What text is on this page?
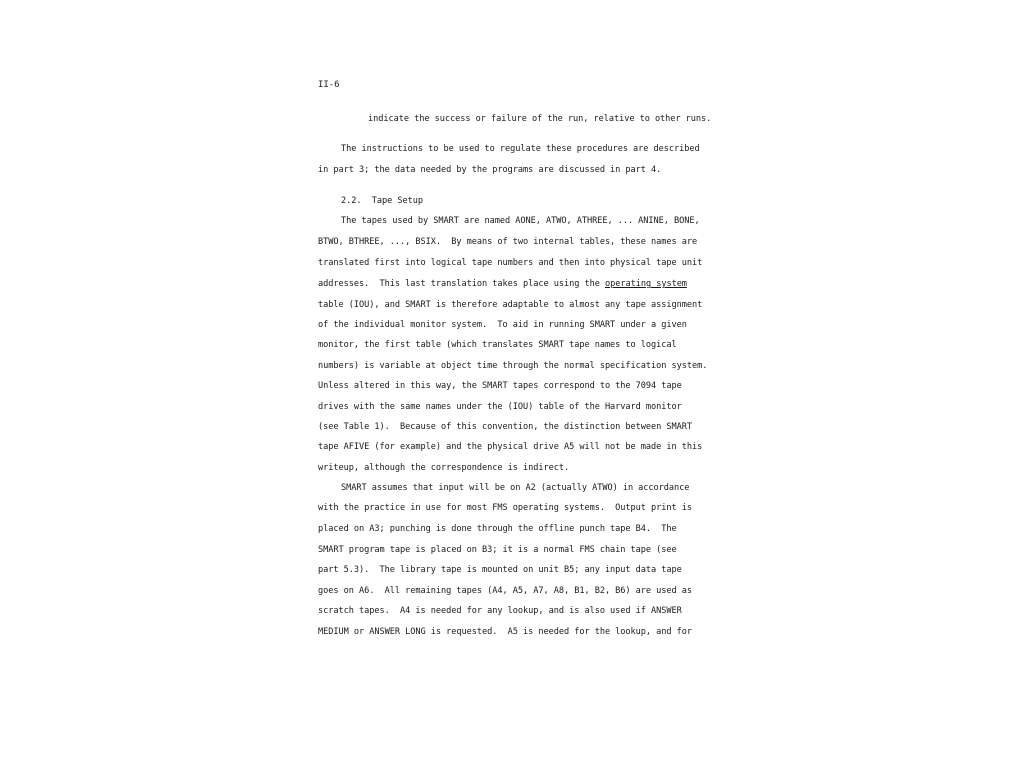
II-6
indicate the success or failure of the run, relative to other runs.
The instructions to be used to regulate these procedures are described
in part 3; the data needed by the programs are discussed in part 4.
2.2.  Tape Setup
The tapes used by SMART are named AONE, ATWO, ATHREE, ... ANINE, BONE,
BTWO, BTHREE, ..., BSIX.  By means of two internal tables, these names are
translated first into logical tape numbers and then into physical tape unit
addresses.  This last translation takes place using the operating system
table (IOU), and SMART is therefore adaptable to almost any tape assignment
of the individual monitor system.  To aid in running SMART under a given
monitor, the first table (which translates SMART tape names to logical
numbers) is variable at object time through the normal specification system.
Unless altered in this way, the SMART tapes correspond to the 7094 tape
drives with the same names under the (IOU) table of the Harvard monitor
(see Table 1).  Because of this convention, the distinction between SMART
tape AFIVE (for example) and the physical drive A5 will not be made in this
writeup, although the correspondence is indirect.
SMART assumes that input will be on A2 (actually ATWO) in accordance
with the practice in use for most FMS operating systems.  Output print is
placed on A3; punching is done through the offline punch tape B4.  The
SMART program tape is placed on B3; it is a normal FMS chain tape (see
part 5.3).  The library tape is mounted on unit B5; any input data tape
goes on A6.  All remaining tapes (A4, A5, A7, A8, B1, B2, B6) are used as
scratch tapes.  A4 is needed for any lookup, and is also used if ANSWER
MEDIUM or ANSWER LONG is requested.  A5 is needed for the lookup, and for
